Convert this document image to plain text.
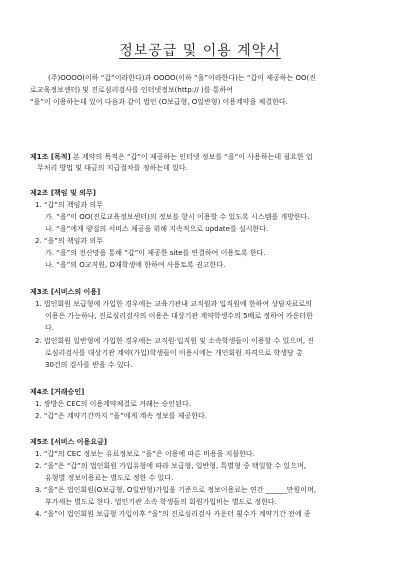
정보공급 및 이용 계약서
(주)OOOO(이하 “갑”이라한다)과 OOOO(이하 “을”이라한다)는 “갑이 제공하는 OO(진
로교육정보센터) 및 진로심리검사를 인터넷정보(http:// )를 통하여
“을”이 이용하는데 있어 다음과 같이 법인 (O보급형, O일반형) 이용계약을 체결한다.
제1조 [목적] 본 계약의 목적은 “갑”이 제공하는 인터넷 정보를 “을”이 사용하는데 필요한 업
무처리 방법 및 대금의 지급절차를 정하는데 있다.
제2조 [책임 및 의무]
1. “갑”의 책임과 의무
가. “을”이 OO(진로교육정보센터)의 정보를 항시 이용할 수 있도록 시스템을 개방한다.
나. “을”에게 양질의 서비스 제공을 위해 지속적으로 update를 실시한다.
2. “을”의 책임과 의무
가. “을”의 전산망을 통해 “갑”이 제공한 site를 연결하여 이용토록 한다.
나. “을”의 O교직원, O재학생에 한하여 사용토록 권고한다.
제3조 [서비스의 이용]
1. 법인회원 보급형에 가입한 경우에는 교육기관내 교직원과 입직원에 한하여 상담자료로의
이용은 가능하나, 진로심리검사의 이용은 대상기관 계약학생수의 5배로 정하여 카운터한
다.
2. 법인회원 일반형에 가입한 경우에는 교직원·입직원 및 소속학생들이 이용할 수 있으며, 진
로심리검사를 대상기관 계약(가입)학생들이 이용시에는 개인회원 자격으로 학생당 총
30건의 검사를 받을 수 있다.
제4조 [거래승인]
1. 쌍방은 CEC의 이용계약체결로 거래는 승인된다.
2. “갑”은 계약기간까지 “을”에게 계속 정보를 제공한다.
제5조 [서비스 이용요금]
1. “갑”의 CEC 정보는 유료정보로 “을”은 이용에 따른 비용을 지불한다.
2. “을”은 “갑”의 법인회원 가입유형에 따라 보급형, 일반형, 특별형 중 택일할 수 있으며,
유형별 정보이용료는 별도로 정한 수 있다.
3. “을”은 법인회원(O보급형, O일반형)가입을 기준으로 정보이용료는 연간 ______만원이며,
부가세는 별도로 한다. 법인기관 소속 학생들의 회원가입비는 별도로 정한다.
4. “을”이 법인회원 보급형 가입이후 “을”의 진로심리검사 카운터 횟수가 계약기간 전에 종
